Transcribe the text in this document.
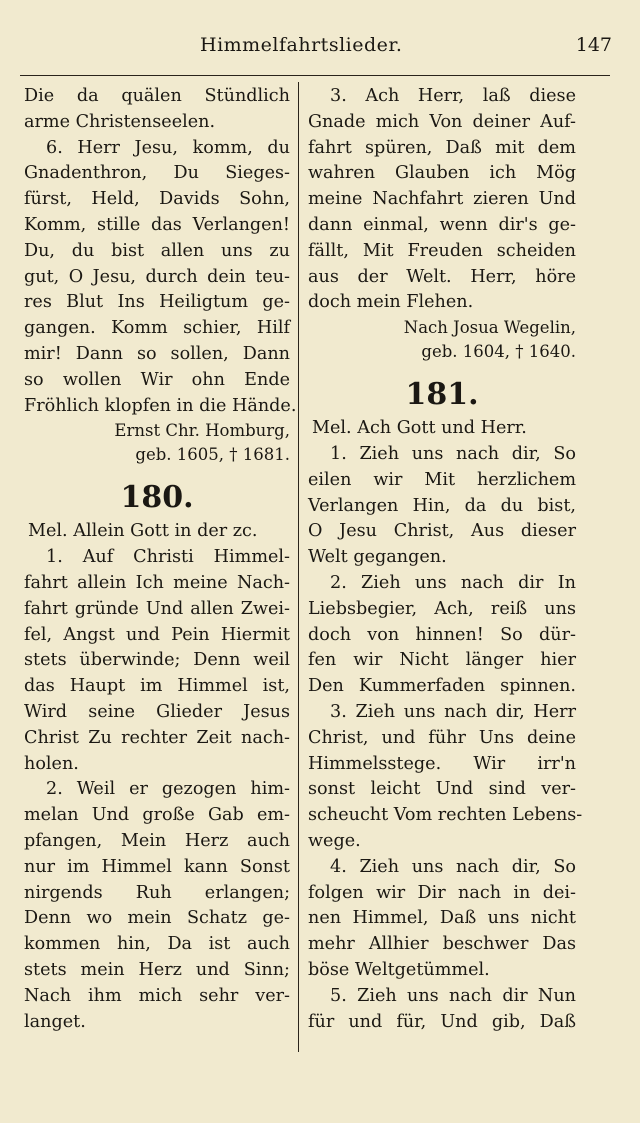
Himmelfahrtslieder.	147
Die da quälen Stündlich
arme Christenseelen.
6. Herr Jesu, komm, du
Gnadenthron, Du Sieges-
fürst, Held, Davids Sohn,
Komm, stille das Verlangen!
Du, du bist allen uns zu
gut, O Jesu, durch dein teu-
res Blut Ins Heiligtum ge-
gangen. Komm schier, Hilf
mir! Dann so sollen, Dann
so wollen Wir ohn Ende
Fröhlich klopfen in die Hände.
Ernst Chr. Homburg,
geb. 1605, † 1681.
180.
Mel. Allein Gott in der zc.
1. Auf Christi Himmel-
fahrt allein Ich meine Nach-
fahrt gründe Und allen Zwei-
fel, Angst und Pein Hiermit
stets überwinde; Denn weil
das Haupt im Himmel ist,
Wird seine Glieder Jesus
Christ Zu rechter Zeit nach-
holen.
2. Weil er gezogen him-
melan Und große Gab em-
pfangen, Mein Herz auch
nur im Himmel kann Sonst
nirgends Ruh erlangen;
Denn wo mein Schatz ge-
kommen hin, Da ist auch
stets mein Herz und Sinn;
Nach ihm mich sehr ver-
langet.
3. Ach Herr, laß diese
Gnade mich Von deiner Auf-
fahrt spüren, Daß mit dem
wahren Glauben ich Mög
meine Nachfahrt zieren Und
dann einmal, wenn dir's ge-
fällt, Mit Freuden scheiden
aus der Welt. Herr, höre
doch mein Flehen.
Nach Josua Wegelin,
geb. 1604, † 1640.
181.
Mel. Ach Gott und Herr.
1. Zieh uns nach dir, So
eilen wir Mit herzlichem
Verlangen Hin, da du bist,
O Jesu Christ, Aus dieser
Welt gegangen.
2. Zieh uns nach dir In
Liebsbegier, Ach, reiß uns
doch von hinnen! So dür-
fen wir Nicht länger hier
Den Kummerfaden spinnen.
3. Zieh uns nach dir, Herr
Christ, und führ Uns deine
Himmelsstege. Wir irr'n
sonst leicht Und sind ver-
scheucht Vom rechten Lebens-
wege.
4. Zieh uns nach dir, So
folgen wir Dir nach in dei-
nen Himmel, Daß uns nicht
mehr Allhier beschwer Das
böse Weltgetümmel.
5. Zieh uns nach dir Nun
für und für, Und gib, Daß
